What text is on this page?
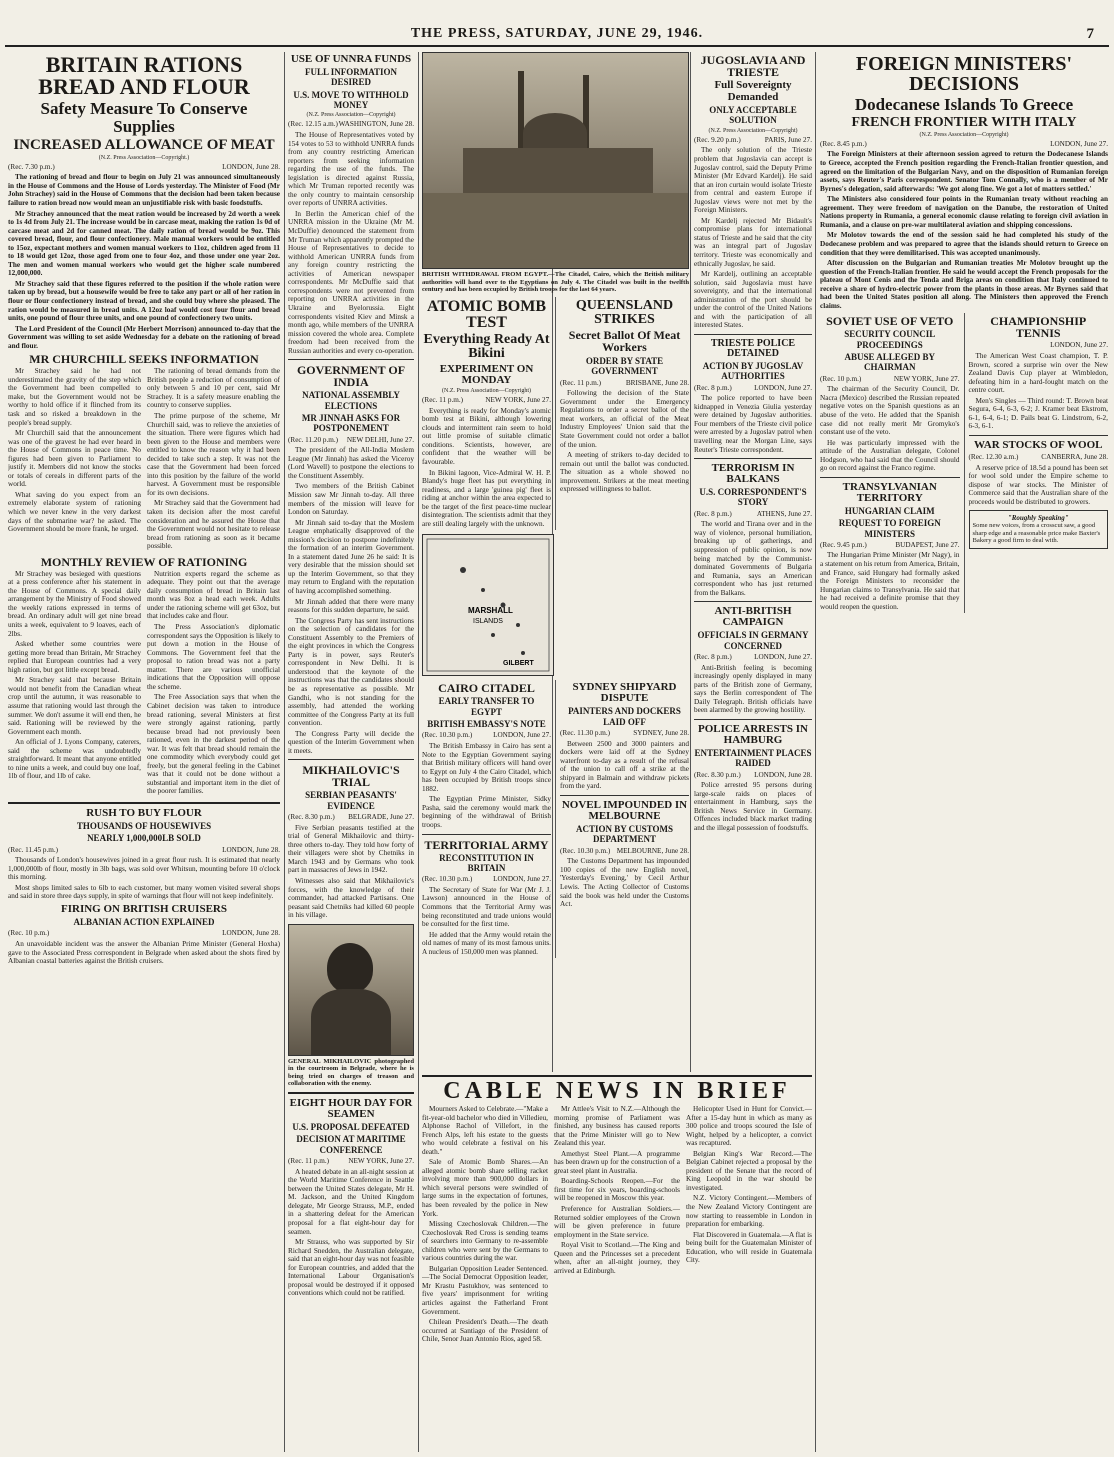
THE PRESS, SATURDAY, JUNE 29, 1946.	7
BRITAIN RATIONS BREAD AND FLOUR
Safety Measure To Conserve Supplies
INCREASED ALLOWANCE OF MEAT
(N.Z. Press Association—Copyright.)
(Rec. 7.30 p.m.)	LONDON, June 28.

The rationing of bread and flour to begin on July 21 was announced simultaneously in the House of Commons and the House of Lords yesterday. The Minister of Food (Mr John Strachey) said in the House of Commons that the decision had been taken because failure to ration bread now would mean an unjustifiable risk with basic foodstuffs.

Mr Strachey announced that the meat ration would be increased by 2d worth a week to 1s 4d from July 21. The increase would be in carcase meat, making the ration 1s 0d of carcase meat and 2d for canned meat. The daily ration of bread would be 9oz. This covered bread, flour, and flour confectionery. Male manual workers would be entitled to 15oz, expectant mothers and women manual workers to 11oz, children aged from 11 to 18 would get 12oz, those aged from one to four 4oz, and those under one year 2oz. The men and women manual workers who would get the higher scale numbered 12,000,000.

Mr Strachey said that these figures referred to the position if the whole ration were taken up by bread, but a housewife would be free to take any part or all of her ration in flour or flour confectionery instead of bread, and she could buy where she pleased. The ration would be measured in bread units. A 12oz loaf would cost four flour and bread units, one pound of flour three units, and one pound of confectionery two units.

The Lord President of the Council (Mr Herbert Morrison) announced to-day that the Government was willing to set aside Wednesday for a debate on the rationing of bread and flour.

MR CHURCHILL SEEKS INFORMATION

Mr Strachey said he had not underestimated the gravity of the step which the Government had been compelled to make, but the Government would not be worthy to hold office if it flinched from its task and so risked a breakdown in the people's bread supply.

Mr Churchill said that the announcement was one of the gravest he had ever heard in the House of Commons in peace time. No figures had been given to Parliament to justify it. Members did not know the stocks or totals of cereals in different parts of the world.

What saving do you expect from an extremely elaborate system of rationing which we never knew in the very darkest days of the submarine war? he asked. The Government should be more frank, he urged.

The rationing of bread demands from the British people a reduction of consumption of only between 5 and 10 per cent, said Mr Strachey. It is a safety measure enabling the country to conserve supplies.

The prime purpose of the scheme, Mr Churchill said, was to relieve the anxieties of the situation. There were figures which had been given to the House and members were entitled to know the reason why it had been decided to take such a step. It was not the case that the Government had been forced into this position by the failure of the world harvest. A Government must be responsible for its own decisions.

Mr Strachey said that the Government had taken its decision after the most careful consideration and he assured the House that the Government would not hesitate to release bread from rationing as soon as it became possible.

MONTHLY REVIEW OF RATIONING

Mr Strachey was besieged with questions at a press conference after his statement in the House of Commons. A special daily arrangement by the Ministry of Food showed the weekly rations expressed in terms of bread. An ordinary adult will get nine bread units a week, equivalent to 9 loaves, each of 2lbs.

Asked whether some countries were getting more bread than Britain, Mr Strachey replied that European countries had a very high ration, but got little except bread.

Mr Strachey said that because Britain would not benefit from the Canadian wheat crop until the autumn, it was reasonable to assume that rationing would last through the summer. We don't assume it will end then, he said. Rationing will be reviewed by the Government each month.

An official of J. Lyons Company, caterers, said the scheme was undoubtedly straightforward. It meant that anyone entitled to nine units a week, and could buy one loaf, 1lb of flour, and 1lb of cake.

Nutrition experts regard the scheme as adequate. They point out that the average daily consumption of bread in Britain last month was 8oz a head each week. Adults under the rationing scheme will get 63oz, but that includes cake and flour.

The Press Association's diplomatic correspondent says the Opposition is likely to put down a motion in the House of Commons. The Government feel that the proposal to ration bread was not a party matter. There are various unofficial indications that the Opposition will oppose the scheme.

The Free Association says that when the Cabinet decision was taken to introduce bread rationing, several Ministers at first were strongly against rationing, partly because bread had not previously been rationed, even in the darkest period of the war. It was felt that bread should remain the one commodity which everybody could get freely, but the general feeling in the Cabinet was that it could not be done without a substantial and important item in the diet of the poorer families.

RUSH TO BUY FLOUR
THOUSANDS OF HOUSEWIVES
NEARLY 1,000,000LB SOLD
(Rec. 11.45 p.m.)	LONDON, June 28.

Thousands of London's housewives joined in a great flour rush. It is estimated that nearly 1,000,000lb of flour, mostly in 3lb bags, was sold over Whitsun, mounting before 10 o'clock this morning.

Most shops limited sales to 6lb to each customer, but many women visited several shops and said in store three days supply, in spite of warnings that flour will not keep indefinitely.

FIRING ON BRITISH CRUISERS
ALBANIAN ACTION EXPLAINED
(Rec. 10 p.m.)	LONDON, June 28.

An unavoidable incident was the answer the Albanian Prime Minister (General Hoxha) gave to the Associated Press correspondent in Belgrade when asked about the shots fired by Albanian coastal batteries against the British cruisers.

USE OF UNNRA FUNDS
FULL INFORMATION DESIRED
U.S. MOVE TO WITHHOLD MONEY
(N.Z. Press Association—Copyright)
(Rec. 12.15 a.m.) WASHINGTON, June 28.

The House of Representatives voted by 154 votes to 53 to withhold UNRRA funds from any country restricting American reporters from seeking information regarding the use of the funds. The legislation is directed against Russia, which Mr Truman reported recently was the only country to maintain censorship over reports of UNRRA activities.

In Berlin the American chief of the UNRRA mission in the Ukraine (Mr M. McDuffie) denounced the statement from Mr Truman which apparently prompted the House of Representatives to decide to withhold American UNRRA funds from any foreign country restricting the activities of American newspaper correspondents. Mr McDuffie said that correspondents were not prevented from reporting on UNRRA activities in the Ukraine and Byelorussia. Eight correspondents visited Kiev and Minsk a month ago, while members of the UNRRA mission covered the whole area. Complete freedom had been received from the Russian authorities and every co-operation.

GOVERNMENT OF INDIA
NATIONAL ASSEMBLY ELECTIONS
MR JINNAH ASKS FOR POSTPONEMENT
(Rec. 11.20 p.m.) NEW DELHI, June 27.

The president of the All-India Moslem League (Mr Jinnah) has asked the Viceroy (Lord Wavell) to postpone the elections to the Constituent Assembly.

Two members of the British Cabinet Mission saw Mr Jinnah to-day. All three members of the mission will leave for London on Saturday.

Mr Jinnah said to-day that the Moslem League emphatically disapproved of the mission's decision to postpone indefinitely the formation of an interim Government. In a statement dated June 26 he said: It is very desirable that the mission should set up the Interim Government, so that they may return to England with the reputation of having accomplished something.

Mr Jinnah added that there were many reasons for this sudden departure, he said.

The Congress Party has sent instructions on the selection of candidates for the Constituent Assembly to the Premiers of the eight provinces in which the Congress Party is in power, says Reuter's correspondent in New Delhi. It is understood that the keynote of the instructions was that the candidates should be as representative as possible. Mr Gandhi, who is not standing for the assembly, had attended the working committee of the Congress Party at its full convention.

The Congress Party will decide the question of the Interim Government when it meets.

MIKHAILOVIC'S TRIAL
SERBIAN PEASANTS' EVIDENCE
(Rec. 8.30 p.m.) BELGRADE, June 27.

Five Serbian peasants testified at the trial of General Mikhailovic and thirty-three others to-day. They told how forty of their villagers were shot by Chetniks in March 1943 and by Germans who took part in massacres of Jews in 1942.

Witnesses also said that Mikhailovic's forces, with the knowledge of their commander, had attacked Partisans. One peasant said Chetniks had killed 60 people in his village.

GENERAL MIKHAILOVIC photographed in the courtroom in Belgrade, where he is being tried on charges of treason and collaboration with the enemy.
EIGHT HOUR DAY FOR SEAMEN
U.S. PROPOSAL DEFEATED
DECISION AT MARITIME CONFERENCE
(Rec. 11 p.m.)	NEW YORK, June 27.

A heated debate in an all-night session at the World Maritime Conference in Seattle between the United States delegate, Mr H. M. Jackson, and the United Kingdom delegate, Mr George Strauss, M.P., ended in a shattering defeat for the American proposal for a flat eight-hour day for seamen.

Mr Strauss, who was supported by Sir Richard Snedden, the Australian delegate, said that an eight-hour day was not feasible for European countries, and added that the International Labour Organisation's proposal would be destroyed if it opposed conventions which could not be ratified.

BRITISH WITHDRAWAL FROM EGYPT.—The Citadel, Cairo, which the British military authorities will hand over to the Egyptians on July 4. The Citadel was built in the twelfth century and has been occupied by British troops for the last 64 years.
ATOMIC BOMB TEST
Everything Ready At Bikini
EXPERIMENT ON MONDAY
(N.Z. Press Association—Copyright)
(Rec. 11 p.m.)	NEW YORK, June 27.

Everything is ready for Monday's atomic bomb test at Bikini, although lowering clouds and intermittent rain seem to hold out little promise of suitable climatic conditions. Scientists, however, are confident that the weather will be favourable.

In Bikini lagoon, Vice-Admiral W. H. P. Blandy's huge fleet has put everything in readiness, and a large 'guinea pig' fleet is riding at anchor within the area expected to be the target of the first peace-time nuclear disintegration. The scientists admit that they are still dealing largely with the unknown.

QUEENSLAND STRIKES
Secret Ballot Of Meat Workers
ORDER BY STATE GOVERNMENT
(Rec. 11 p.m.)	BRISBANE, June 28.

Following the decision of the State Government under the Emergency Regulations to order a secret ballot of the meat workers, an official of the Meat Industry Employees' Union said that the State Government could not order a ballot of the union.

A meeting of strikers to-day decided to remain out until the ballot was conducted. The situation as a whole showed no improvement. Strikers at the meat meeting expressed willingness to ballot.

MARSHALL
ISLANDS
GILBERT
CAIRO CITADEL
EARLY TRANSFER TO EGYPT
BRITISH EMBASSY'S NOTE
(Rec. 10.30 p.m.)	LONDON, June 27.

The British Embassy in Cairo has sent a Note to the Egyptian Government saying that British military officers will hand over to Egypt on July 4 the Cairo Citadel, which has been occupied by British troops since 1882.

The Egyptian Prime Minister, Sidky Pasha, said the ceremony would mark the beginning of the withdrawal of British troops.

TERRITORIAL ARMY
RECONSTITUTION IN BRITAIN
(Rec. 10.30 p.m.)	LONDON, June 27.

The Secretary of State for War (Mr J. J. Lawson) announced in the House of Commons that the Territorial Army was being reconstituted and trade unions would be consulted for the first time.

He added that the Army would retain the old names of many of its most famous units. A nucleus of 150,000 men was planned.

SYDNEY SHIPYARD DISPUTE
PAINTERS AND DOCKERS LAID OFF
(Rec. 11.30 p.m.)	SYDNEY, June 28.

Between 2500 and 3000 painters and dockers were laid off at the Sydney waterfront to-day as a result of the refusal of the union to call off a strike at the shipyard in Balmain and withdraw pickets from the yard.

NOVEL IMPOUNDED IN MELBOURNE
ACTION BY CUSTOMS DEPARTMENT
(Rec. 10.30 p.m.) MELBOURNE, June 28.

The Customs Department has impounded 100 copies of the new English novel, 'Yesterday's Evening,' by Cecil Arthur Lewis. The Acting Collector of Customs said the book was held under the Customs Act.

JUGOSLAVIA AND TRIESTE
Full Sovereignty Demanded
ONLY ACCEPTABLE SOLUTION
(N.Z. Press Association—Copyright)
(Rec. 9.20 p.m.)	PARIS, June 27.

The only solution of the Trieste problem that Jugoslavia can accept is Jugoslav control, said the Deputy Prime Minister (Mr Edvard Kardelj). He said that an iron curtain would isolate Trieste from central and eastern Europe if Jugoslav views were not met by the Foreign Ministers.

Mr Kardelj rejected Mr Bidault's compromise plans for international status of Trieste and he said that the city was an integral part of Jugoslav territory. Trieste was economically and ethnically Jugoslav, he said.

Mr Kardelj, outlining an acceptable solution, said Jugoslavia must have sovereignty, and that the international administration of the port should be under the control of the United Nations and with the participation of all interested States.

TRIESTE POLICE DETAINED
ACTION BY JUGOSLAV AUTHORITIES
(Rec. 8 p.m.)	LONDON, June 27.

The police reported to have been kidnapped in Venezia Giulia yesterday were detained by Jugoslav authorities. Four members of the Trieste civil police were arrested by a Jugoslav patrol when travelling near the Morgan Line, says Reuter's Trieste correspondent.

TERRORISM IN BALKANS
U.S. CORRESPONDENT'S STORY
(Rec. 8 p.m.)	ATHENS, June 27.

The world and Tirana over and in the way of violence, personal humiliation, breaking up of gatherings, and suppression of public opinion, is now being matched by the Communist-dominated Governments of Bulgaria and Rumania, says an American correspondent who has just returned from the Balkans.

ANTI-BRITISH CAMPAIGN
OFFICIALS IN GERMANY CONCERNED
(Rec. 8 p.m.)	LONDON, June 27.

Anti-British feeling is becoming increasingly openly displayed in many parts of the British zone of Germany, says the Berlin correspondent of The Daily Telegraph. British officials have been alarmed by the growing hostility.

POLICE ARRESTS IN HAMBURG
ENTERTAINMENT PLACES RAIDED
(Rec. 8.30 p.m.) LONDON, June 28.

Police arrested 95 persons during large-scale raids on places of entertainment in Hamburg, says the British News Service in Germany. Offences included black market trading and the illegal possession of foodstuffs.

FOREIGN MINISTERS' DECISIONS
Dodecanese Islands To Greece
FRENCH FRONTIER WITH ITALY
(N.Z. Press Association—Copyright)
(Rec. 8.45 p.m.)	LONDON, June 27.

The Foreign Ministers at their afternoon session agreed to return the Dodecanese Islands to Greece, accepted the French position regarding the French-Italian frontier question, and agreed on the limitation of the Bulgarian Navy, and on the disposition of Rumanian foreign assets, says Reuter's Paris correspondent. Senator Tom Connally, who is a member of Mr Byrnes's delegation, said afterwards: 'We got along fine. We got a lot of matters settled.'

The Ministers also considered four points in the Rumanian treaty without reaching an agreement. They were freedom of navigation on the Danube, the restoration of United Nations property in Rumania, a general economic clause relating to foreign civil aviation in Rumania, and a clause on pre-war multilateral aviation and shipping concessions.

Mr Molotov towards the end of the session said he had completed his study of the Dodecanese problem and was prepared to agree that the islands should return to Greece on condition that they were demilitarised. This was accepted unanimously.

After discussion on the Bulgarian and Rumanian treaties Mr Molotov brought up the question of the French-Italian frontier. He said he would accept the French proposals for the plateau of Mont Cenis and the Tenda and Briga areas on condition that Italy continued to receive a share of hydro-electric power from the plants in those areas. Mr Byrnes said that had been the United States position all along. The Ministers then approved the French claims.

SOVIET USE OF VETO
SECURITY COUNCIL PROCEEDINGS
ABUSE ALLEGED BY CHAIRMAN
(Rec. 10 p.m.)	NEW YORK, June 27.

The chairman of the Security Council, Dr. Nacra (Mexico) described the Russian repeated negative votes on the Spanish questions as an abuse of the veto. He added that the Spanish case did not really merit Mr Gromyko's constant use of the veto.

He was particularly impressed with the attitude of the Australian delegate, Colonel Hodgson, who had said that the Council should go on record against the Franco regime.

TRANSYLVANIAN TERRITORY
HUNGARIAN CLAIM
REQUEST TO FOREIGN MINISTERS
(Rec. 9.45 p.m.)	BUDAPEST, June 27.

The Hungarian Prime Minister (Mr Nagy), in a statement on his return from America, Britain, and France, said Hungary had formally asked the Foreign Ministers to reconsider the Hungarian claims to Transylvania. He said that he had received a definite promise that they would reopen the question.

CHAMPIONSHIP TENNIS
LONDON, June 27.

The American West Coast champion, T. P. Brown, scored a surprise win over the New Zealand Davis Cup player at Wimbledon, defeating him in a hard-fought match on the centre court.

Men's Singles — Third round: T. Brown beat Segura, 6-4, 6-3, 6-2; J. Kramer beat Ekstrom, 6-1, 6-4, 6-1; D. Pails beat G. Lindstrom, 6-2, 6-3, 6-1.

WAR STOCKS OF WOOL
(Rec. 12.30 a.m.)	CANBERRA, June 28.

A reserve price of 18.5d a pound has been set for wool sold under the Empire scheme to dispose of war stocks. The Minister of Commerce said that the Australian share of the proceeds would be distributed to growers.

"Roughly Speaking"
Some new voices, from a crosscut saw, a good sharp edge and a reasonable price make Baxter's Bakery a good firm to deal with.
CABLE NEWS IN BRIEF

Mourners Asked to Celebrate.—"Make a fit-year-old bachelor who died in Villedieu, Alphonse Rachol of Villefort, in the French Alps, left his estate to the guests who would celebrate a festival on his death."

Sale of Atomic Bomb Shares.—An alleged atomic bomb share selling racket involving more than 900,000 dollars in which several persons were swindled of large sums in the expectation of fortunes, has been revealed by the police in New York.

Missing Czechoslovak Children.—The Czechoslovak Red Cross is sending teams of searchers into Germany to re-assemble children who were sent by the Germans to various countries during the war.

Bulgarian Opposition Leader Sentenced.—The Social Democrat Opposition leader, Mr Krastu Pastukhov, was sentenced to five years' imprisonment for writing articles against the Fatherland Front Government.

Chilean President's Death.—The death occurred at Santiago of the President of Chile, Senor Juan Antonio Rios, aged 58.

Mr Attlee's Visit to N.Z.—Although the morning promise of Parliament was finished, any business has caused reports that the Prime Minister will go to New Zealand this year.

Amethyst Steel Plant.—A programme has been drawn up for the construction of a great steel plant in Australia.

Boarding-Schools Reopen.—For the first time for six years, boarding-schools will be reopened in Moscow this year.

Preference for Australian Soldiers.—Returned soldier employees of the Crown will be given preference in future employment in the State service.

Royal Visit to Scotland.—The King and Queen and the Princesses set a precedent when, after an all-night journey, they arrived at Edinburgh.

Helicopter Used in Hunt for Convict.—After a 15-day hunt in which as many as 300 police and troops scoured the Isle of Wight, helped by a helicopter, a convict was recaptured.

Belgian King's War Record.—The Belgian Cabinet rejected a proposal by the president of the Senate that the record of King Leopold in the war should be investigated.

N.Z. Victory Contingent.—Members of the New Zealand Victory Contingent are now starting to reassemble in London in preparation for embarking.

Flat Discovered in Guatemala.—A flat is being built for the Guatemalan Minister of Education, who will reside in Guatemala City.
